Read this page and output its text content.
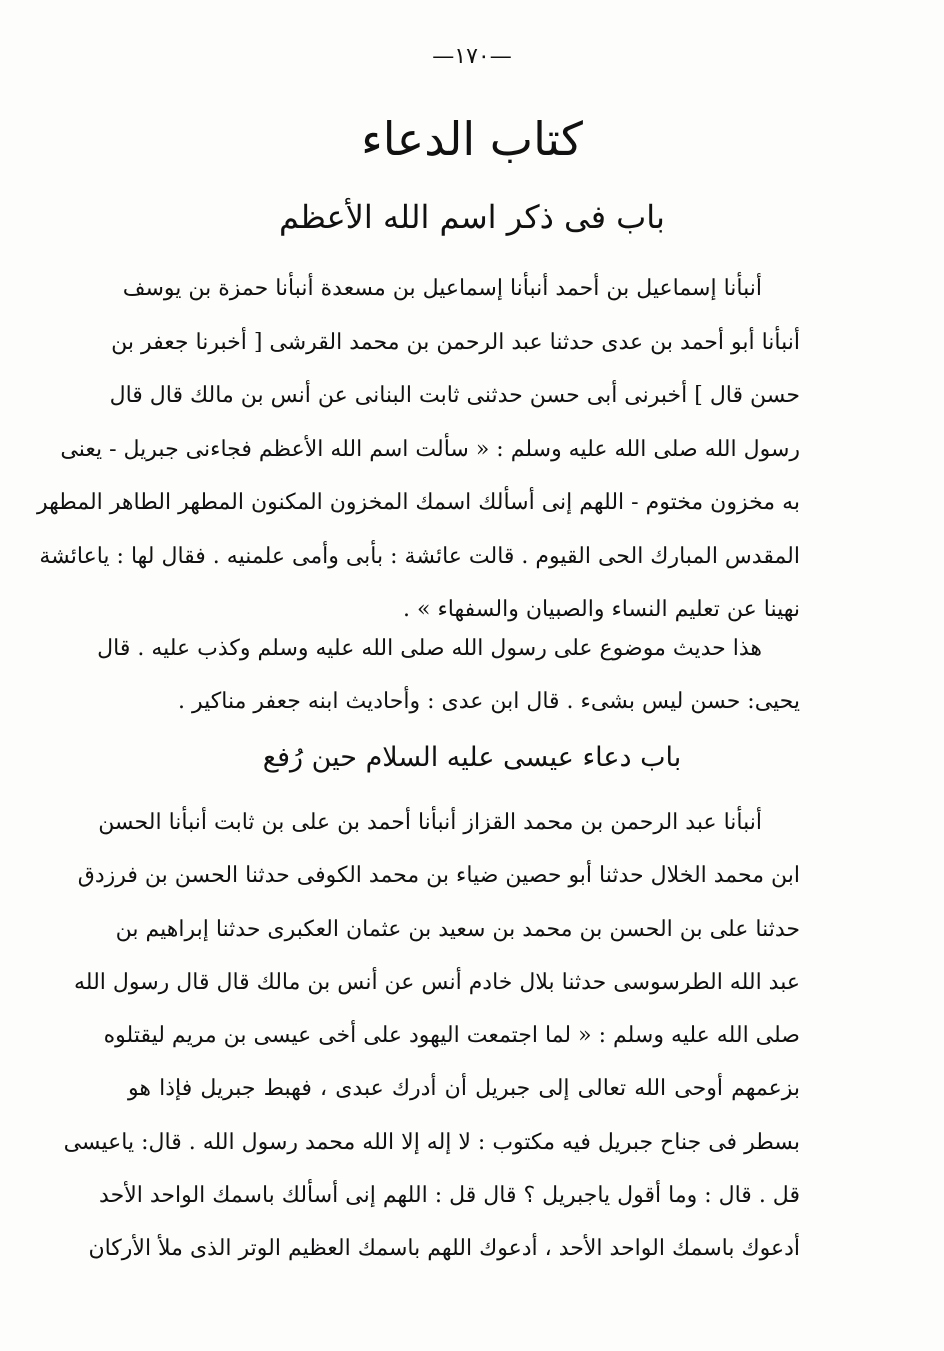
—١٧٠—
كتاب الدعاء
باب فى ذكر اسم الله الأعظم
أنبأنا إسماعيل بن أحمد أنبأنا إسماعيل بن مسعدة أنبأنا حمزة بن يوسف
أنبأنا أبو أحمد بن عدى حدثنا عبد الرحمن بن محمد القرشى [ أخبرنا جعفر بن
حسن قال ] أخبرنى أبى حسن حدثنى ثابت البنانى عن أنس بن مالك قال قال
رسول الله صلى الله عليه وسلم : « سألت اسم الله الأعظم فجاءنى جبريل - يعنى
به مخزون مختوم - اللهم إنى أسألك اسمك المخزون المكنون المطهر الطاهر المطهر
المقدس المبارك الحى القيوم . قالت عائشة : بأبى وأمى علمنيه . فقال لها : ياعائشة
نهينا عن تعليم النساء والصبيان والسفهاء » .
هذا حديث موضوع على رسول الله صلى الله عليه وسلم وكذب عليه . قال
يحيى: حسن ليس بشىء . قال ابن عدى : وأحاديث ابنه جعفر مناكير .
باب دعاء عيسى عليه السلام حين رُفع
أنبأنا عبد الرحمن بن محمد القزاز أنبأنا أحمد بن على بن ثابت أنبأنا الحسن
ابن محمد الخلال حدثنا أبو حصين ضياء بن محمد الكوفى حدثنا الحسن بن فرزدق
حدثنا على بن الحسن بن محمد بن سعيد بن عثمان العكبرى حدثنا إبراهيم بن
عبد الله الطرسوسى حدثنا بلال خادم أنس عن أنس بن مالك قال قال رسول الله
صلى الله عليه وسلم : « لما اجتمعت اليهود على أخى عيسى بن مريم ليقتلوه
بزعمهم أوحى الله تعالى إلى جبريل أن أدرك عبدى ، فهبط جبريل فإذا هو
بسطر فى جناح جبريل فيه مكتوب : لا إله إلا الله محمد رسول الله . قال: ياعيسى
قل . قال : وما أقول ياجبريل ؟ قال قل : اللهم إنى أسألك باسمك الواحد الأحد
أدعوك باسمك الواحد الأحد ، أدعوك اللهم باسمك العظيم الوتر الذى ملأ الأركان
